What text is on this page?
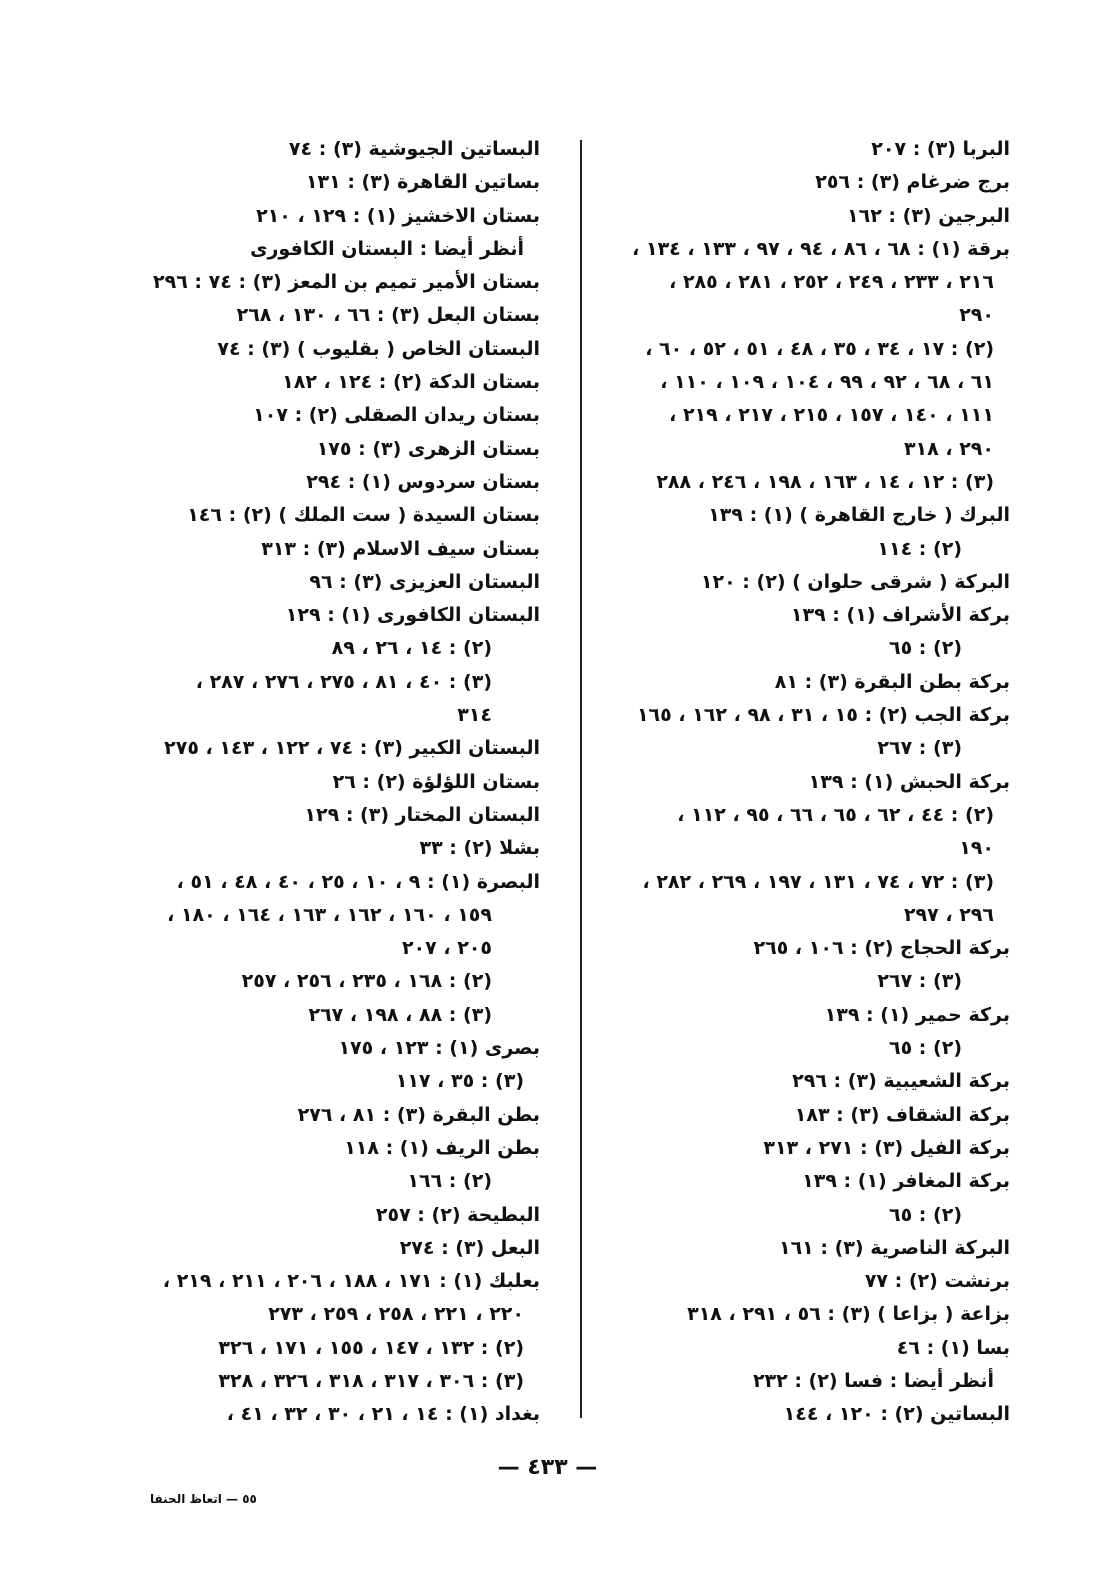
البربا (٣) : ٢٠٧
برج ضرغام (٣) : ٢٥٦
البرجين (٣) : ١٦٢
برقة (١) : ٦٨ ، ٨٦ ، ٩٤ ، ٩٧ ، ١٣٣ ، ١٣٤ ،
٢١٦ ، ٢٣٣ ، ٢٤٩ ، ٢٥٢ ، ٢٨١ ، ٢٨٥ ،
٢٩٠
(٢) : ١٧ ، ٣٤ ، ٣٥ ، ٤٨ ، ٥١ ، ٥٢ ، ٦٠ ،
٦١ ، ٦٨ ، ٩٢ ، ٩٩ ، ١٠٤ ، ١٠٩ ، ١١٠ ،
١١١ ، ١٤٠ ، ١٥٧ ، ٢١٥ ، ٢١٧ ، ٢١٩ ،
٢٩٠ ، ٣١٨
(٣) : ١٢ ، ١٤ ، ١٦٣ ، ١٩٨ ، ٢٤٦ ، ٢٨٨
البرك ( خارج القاهرة ) (١) : ١٣٩
(٢) : ١١٤
البركة ( شرقى حلوان ) (٢) : ١٢٠
بركة الأشراف (١) : ١٣٩
(٢) : ٦٥
بركة بطن البقرة (٣) : ٨١
بركة الجب (٢) : ١٥ ، ٣١ ، ٩٨ ، ١٦٢ ، ١٦٥
(٣) : ٢٦٧
بركة الحبش (١) : ١٣٩
(٢) : ٤٤ ، ٦٢ ، ٦٥ ، ٦٦ ، ٩٥ ، ١١٢ ،
١٩٠
(٣) : ٧٢ ، ٧٤ ، ١٣١ ، ١٩٧ ، ٢٦٩ ، ٢٨٢ ،
٢٩٦ ، ٢٩٧
بركة الحجاج (٢) : ١٠٦ ، ٢٦٥
(٣) : ٢٦٧
بركة حمير (١) : ١٣٩
(٢) : ٦٥
بركة الشعيبية (٣) : ٢٩٦
بركة الشقاف (٣) : ١٨٣
بركة الفيل (٣) : ٢٧١ ، ٣١٣
بركة المغافر (١) : ١٣٩
(٢) : ٦٥
البركة الناصرية (٣) : ١٦١
برنشت (٢) : ٧٧
بزاعة ( بزاعا ) (٣) : ٥٦ ، ٢٩١ ، ٣١٨
بسا (١) : ٤٦
أنظر أيضا : فسا (٢) : ٢٣٢
البساتين (٢) : ١٢٠ ، ١٤٤
البساتين الجيوشية (٣) : ٧٤
بساتين القاهرة (٣) : ١٣١
بستان الاخشيز (١) : ١٢٩ ، ٢١٠
أنظر أيضا : البستان الكافورى
بستان الأمير تميم بن المعز (٣) : ٧٤ : ٢٩٦
بستان البعل (٣) : ٦٦ ، ١٣٠ ، ٢٦٨
البستان الخاص ( بقليوب ) (٣) : ٧٤
بستان الدكة (٢) : ١٢٤ ، ١٨٢
بستان ريدان الصقلى (٢) : ١٠٧
بستان الزهرى (٣) : ١٧٥
بستان سردوس (١) : ٢٩٤
بستان السيدة ( ست الملك ) (٢) : ١٤٦
بستان سيف الاسلام (٣) : ٣١٣
البستان العزيزى (٣) : ٩٦
البستان الكافورى (١) : ١٢٩
(٢) : ١٤ ، ٢٦ ، ٨٩
(٣) : ٤٠ ، ٨١ ، ٢٧٥ ، ٢٧٦ ، ٢٨٧ ،
٣١٤
البستان الكبير (٣) : ٧٤ ، ١٢٢ ، ١٤٣ ، ٢٧٥
بستان اللؤلؤة (٢) : ٢٦
البستان المختار (٣) : ١٢٩
بشلا (٢) : ٣٣
البصرة (١) : ٩ ، ١٠ ، ٢٥ ، ٤٠ ، ٤٨ ، ٥١ ،
١٥٩ ، ١٦٠ ، ١٦٢ ، ١٦٣ ، ١٦٤ ، ١٨٠ ،
٢٠٥ ، ٢٠٧
(٢) : ١٦٨ ، ٢٣٥ ، ٢٥٦ ، ٢٥٧
(٣) : ٨٨ ، ١٩٨ ، ٢٦٧
بصرى (١) : ١٢٣ ، ١٧٥
(٣) : ٣٥ ، ١١٧
بطن البقرة (٣) : ٨١ ، ٢٧٦
بطن الريف (١) : ١١٨
(٢) : ١٦٦
البطيحة (٢) : ٢٥٧
البعل (٣) : ٢٧٤
بعلبك (١) : ١٧١ ، ١٨٨ ، ٢٠٦ ، ٢١١ ، ٢١٩ ،
٢٢٠ ، ٢٢١ ، ٢٥٨ ، ٢٥٩ ، ٢٧٣
(٢) : ١٣٢ ، ١٤٧ ، ١٥٥ ، ١٧١ ، ٣٢٦
(٣) : ٣٠٦ ، ٣١٧ ، ٣١٨ ، ٣٢٦ ، ٣٢٨
بغداد (١) : ١٤ ، ٢١ ، ٣٠ ، ٣٢ ، ٤١ ،
— ٤٣٣ —
٥٥ — اتعاظ الحنفا
